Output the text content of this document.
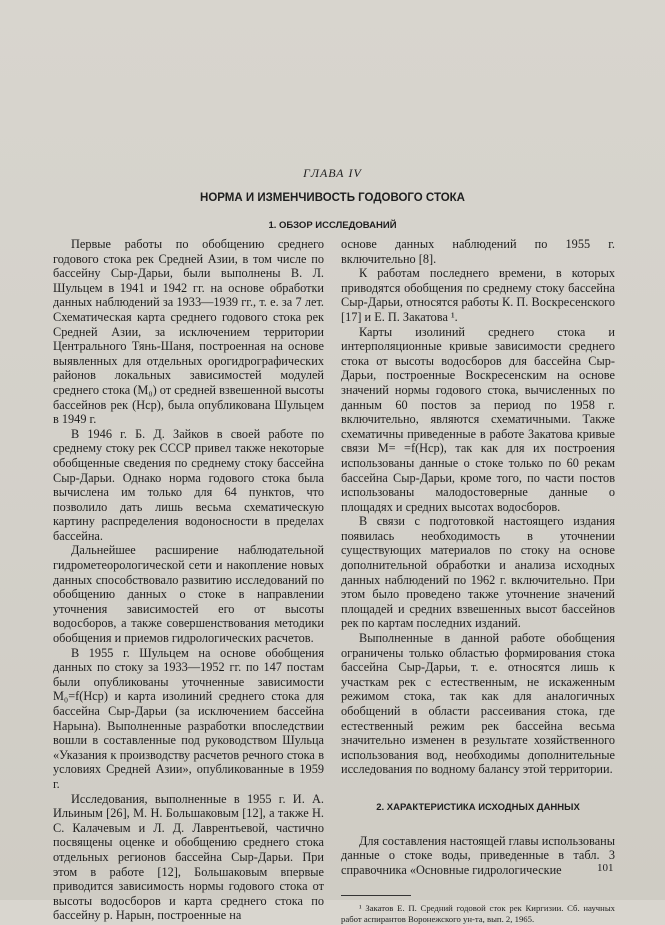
ГЛАВА IV
НОРМА И ИЗМЕНЧИВОСТЬ ГОДОВОГО СТОКА
1. ОБЗОР ИССЛЕДОВАНИЙ

Первые работы по обобщению среднего годового стока рек Средней Азии, в том числе по бассейну Сыр-Дарьи, были выполнены В. Л. Шульцем в 1941 и 1942 гг. на основе обработки данных наблюдений за 1933—1939 гг., т. е. за 7 лет. Схематическая карта среднего годового стока рек Средней Азии, за исключением территории Центрального Тянь-Шаня, построенная на основе выявленных для отдельных орогидрографических районов локальных зависимостей модулей среднего стока (M₀) от средней взвешенной высоты бассейнов рек (Hср), была опубликована Шульцем в 1949 г.

В 1946 г. Б. Д. Зайков в своей работе по среднему стоку рек СССР привел также некоторые обобщенные сведения по среднему стоку бассейна Сыр-Дарьи. Однако норма годового стока была вычислена им только для 64 пунктов, что позволило дать лишь весьма схематическую картину распределения водоносности в пределах бассейна.

Дальнейшее расширение наблюдательной гидрометеорологической сети и накопление новых данных способствовало развитию исследований по обобщению данных о стоке в направлении уточнения зависимостей его от высоты водосборов, а также совершенствования методики обобщения и приемов гидрологических расчетов.

В 1955 г. Шульцем на основе обобщения данных по стоку за 1933—1952 гг. по 147 постам были опубликованы уточненные зависимости M₀=f(Hср) и карта изолиний среднего стока для бассейна Сыр-Дарьи (за исключением бассейна Нарына). Выполненные разработки впоследствии вошли в составленные под руководством Шульца «Указания к производству расчетов речного стока в условиях Средней Азии», опубликованные в 1959 г.

Исследования, выполненные в 1955 г. И. А. Ильиным [26], М. Н. Большаковым [12], а также Н. С. Калачевым и Л. Д. Лаврентьевой, частично посвящены оценке и обобщению среднего стока отдельных регионов бассейна Сыр-Дарьи. При этом в работе [12], Большаковым впервые приводится зависимость нормы годового стока от высоты водосборов и карта среднего стока по бассейну р. Нарын, построенные на

основе данных наблюдений по 1955 г. включительно [8].

К работам последнего времени, в которых приводятся обобщения по среднему стоку бассейна Сыр-Дарьи, относятся работы К. П. Воскресенского [17] и Е. П. Закатова ¹.

Карты изолиний среднего стока и интерполяционные кривые зависимости среднего стока от высоты водосборов для бассейна Сыр-Дарьи, построенные Воскресенским на основе значений нормы годового стока, вычисленных по данным 60 постов за период по 1958 г. включительно, являются схематичными. Также схематичны приведенные в работе Закатова кривые связи M= =f(Hср), так как для их построения использованы данные о стоке только по 60 рекам бассейна Сыр-Дарьи, кроме того, по части постов использованы малодостоверные данные о площадях и средних высотах водосборов.

В связи с подготовкой настоящего издания появилась необходимость в уточнении существующих материалов по стоку на основе дополнительной обработки и анализа исходных данных наблюдений по 1962 г. включительно. При этом было проведено также уточнение значений площадей и средних взвешенных высот бассейнов рек по картам последних изданий.

Выполненные в данной работе обобщения ограничены только областью формирования стока бассейна Сыр-Дарьи, т. е. относятся лишь к участкам рек с естественным, не искаженным режимом стока, так как для аналогичных обобщений в области рассеивания стока, где естественный режим рек бассейна весьма значительно изменен в результате хозяйственного использования вод, необходимы дополнительные исследования по водному балансу этой территории.

2. ХАРАКТЕРИСТИКА ИСХОДНЫХ ДАННЫХ

Для составления настоящей главы использованы данные о стоке воды, приведенные в табл. 3 справочника «Основные гидрологические

¹ Закатов Е. П. Средний годовой сток рек Киргизии. Сб. научных работ аспирантов Воронежского ун-та, вып. 2, 1965.

101
